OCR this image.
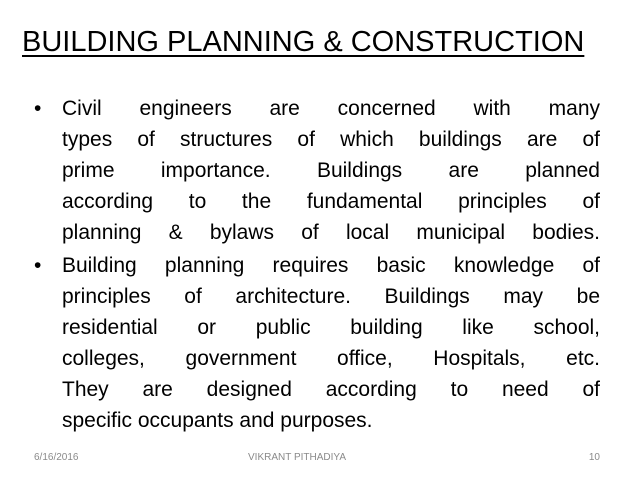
BUILDING PLANNING & CONSTRUCTION
• Civil engineers are concerned with many
types of structures of which buildings are of
prime importance. Buildings are planned
according to the fundamental principles of
planning & bylaws of local municipal bodies.
• Building planning requires basic knowledge of
principles of architecture. Buildings may be
residential or public building like school,
colleges, government office, Hospitals, etc.
They are designed according to need of
specific occupants and purposes.
6/16/2016	VIKRANT PITHADIYA	10
